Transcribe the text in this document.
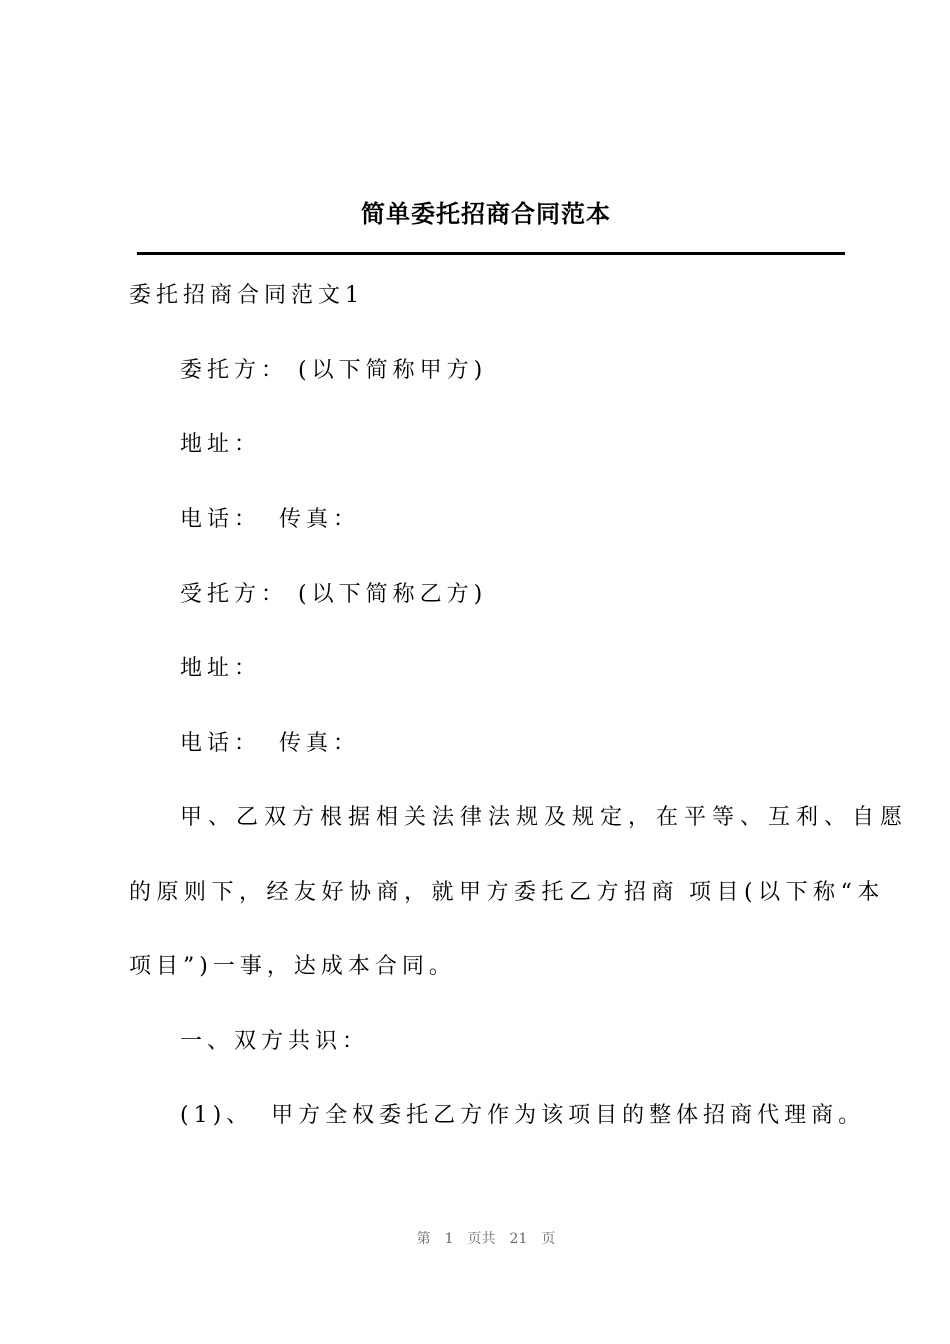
简单委托招商合同范本
委托招商合同范文1
委托方： (以下简称甲方)
地址：
电话： 传真：
受托方： (以下简称乙方)
地址：
电话： 传真：
甲、乙双方根据相关法律法规及规定，在平等、互利、自愿
的原则下，经友好协商，就甲方委托乙方招商 项目(以下称“本
项目”)一事，达成本合同。
一、双方共识：
(1)、 甲方全权委托乙方作为该项目的整体招商代理商。
第 1 页共 21 页
